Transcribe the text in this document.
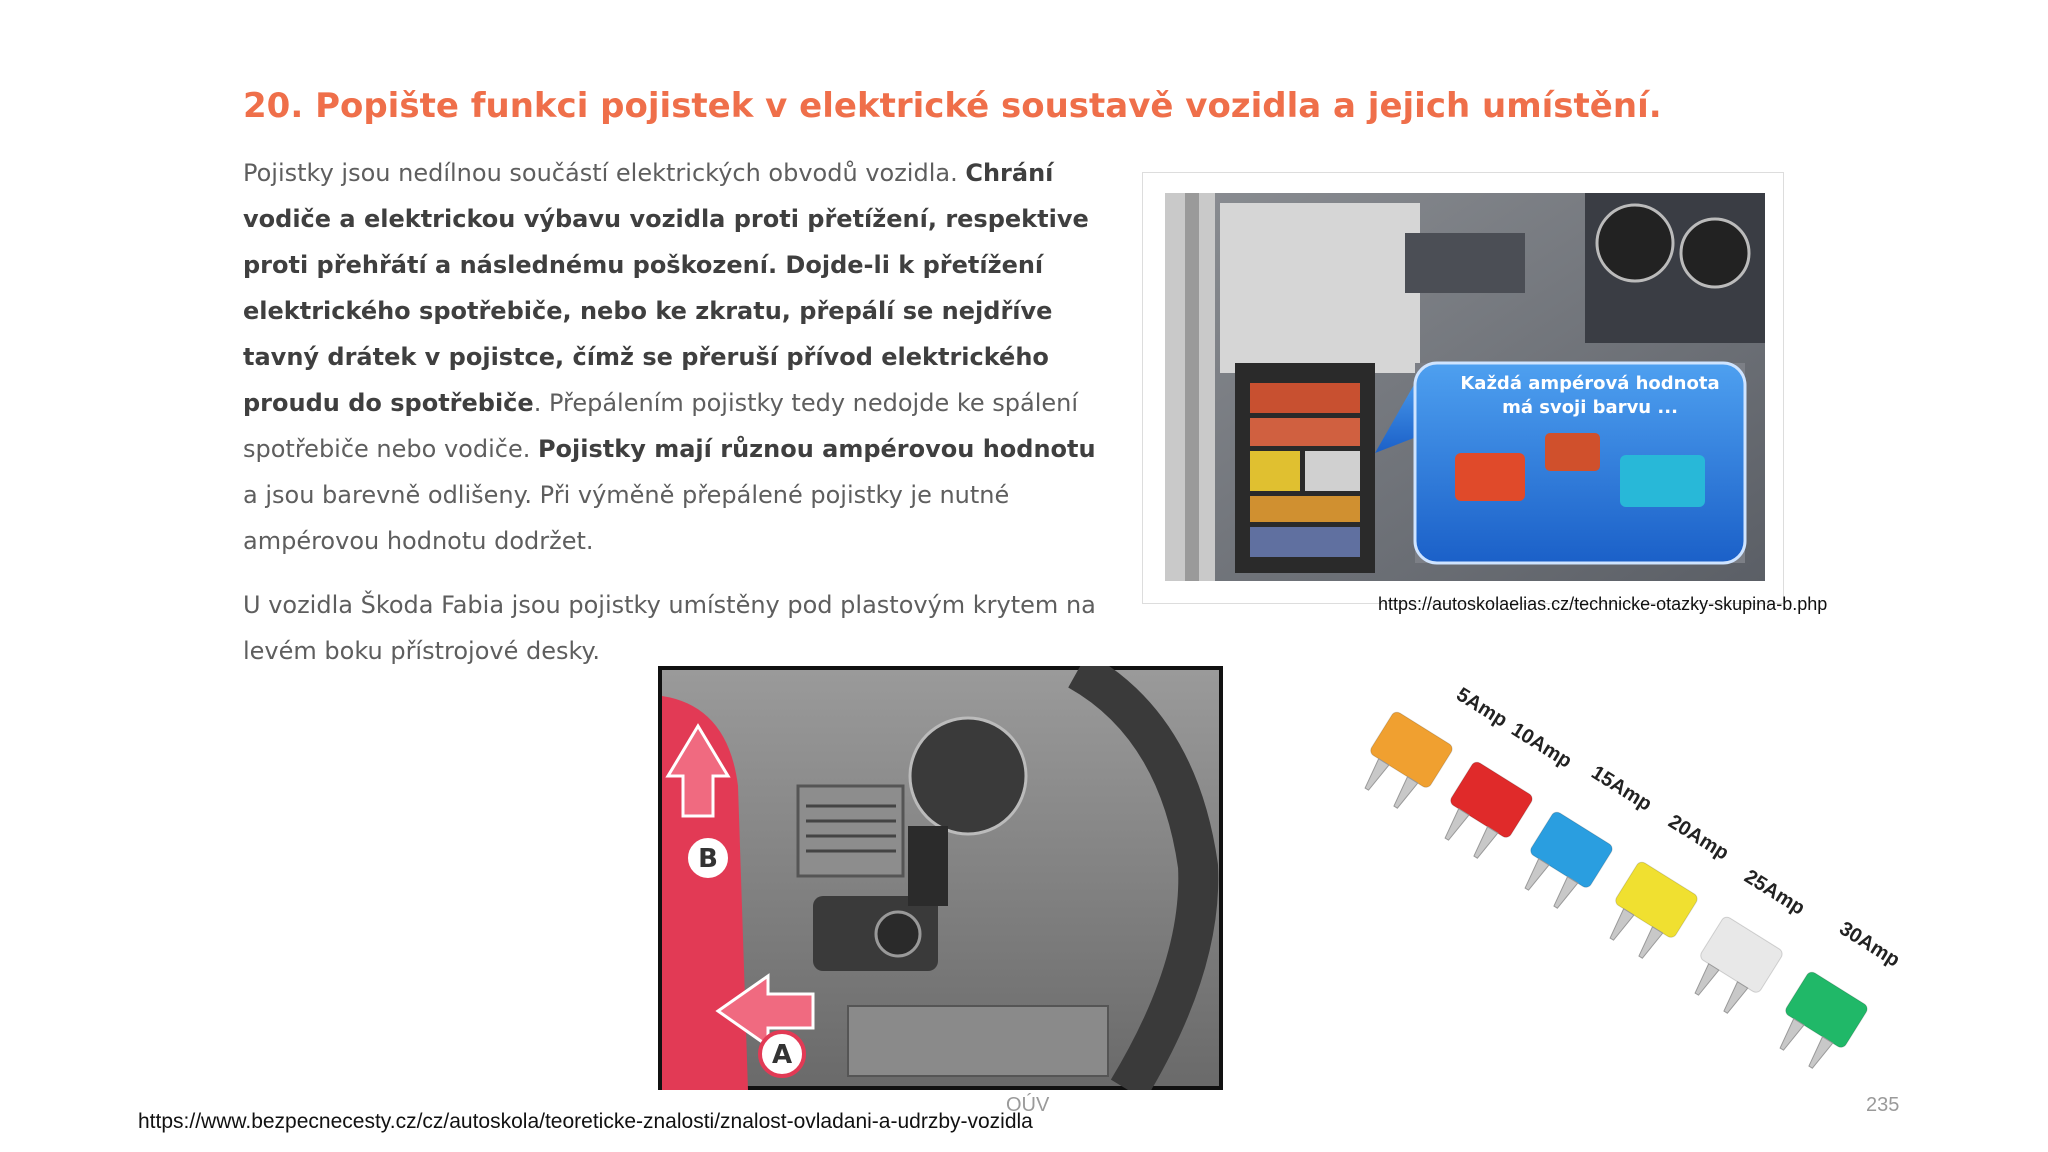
20. Popište funkci pojistek v elektrické soustavě vozidla a jejich umístění.

Pojistky jsou nedílnou součástí elektrických obvodů vozidla. Chrání vodiče a elektrickou výbavu vozidla proti přetížení, respektive proti přehřátí a následnému poškození. Dojde-li k přetížení elektrického spotřebiče, nebo ke zkratu, přepálí se nejdříve tavný drátek v pojistce, čímž se přeruší přívod elektrického proudu do spotřebiče. Přepálením pojistky tedy nedojde ke spálení spotřebiče nebo vodiče. Pojistky mají různou ampérovou hodnotu a jsou barevně odlišeny. Při výměně přepálené pojistky je nutné ampérovou hodnotu dodržet.

U vozidla Škoda Fabia jsou pojistky umístěny pod plastovým krytem na levém boku přístrojové desky.

Každá ampérová hodnota má svoji barvu ...
https://autoskolaelias.cz/technicke-otazky-skupina-b.php
B
A
5Amp
10Amp
15Amp
20Amp
25Amp
30Amp
OÚV	235
https://www.bezpecnecesty.cz/cz/autoskola/teoreticke-znalosti/znalost-ovladani-a-udrzby-vozidla
